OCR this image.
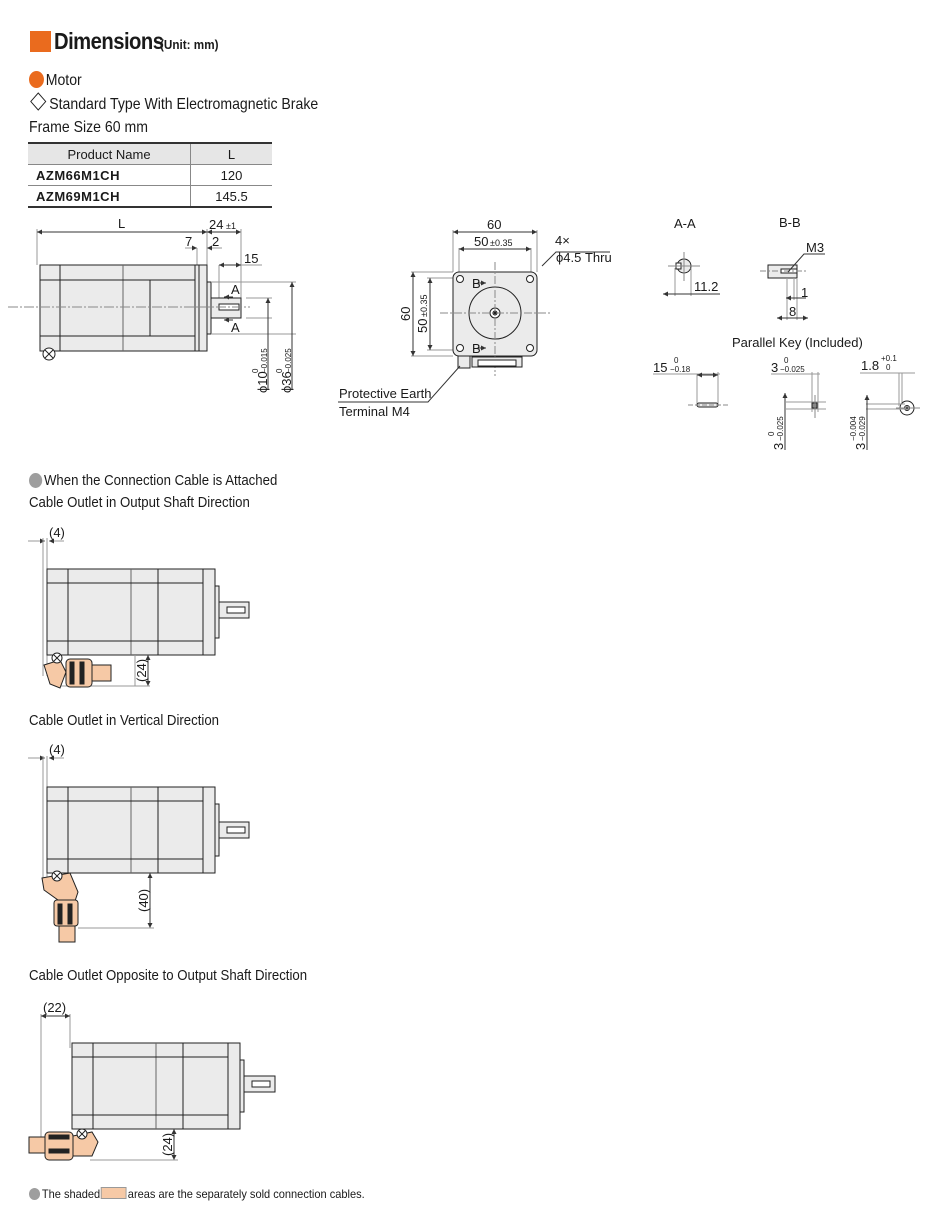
Dimensions
(Unit: mm)
Motor
Standard Type With Electromagnetic Brake
Frame Size 60 mm
Product Name	L
AZM66M1CH	120
AZM69M1CH	145.5
L	24 ±1
7 2
15
A
A
ϕ10
0 −0.015
ϕ36
0 −0.025
60
50 ±0.35
60
50
±0.35
4×
ϕ4.5 Thru
B
B
Protective Earth
Terminal M4
A-A
11.2
B-B
M3
1
8
Parallel Key (Included)
15 0
−0.18	3 0
−0.025
3
0 −0.025
1.8 +0.1
0
3
−0.004 −0.029
(4)
(24)
(4)
(40)
(22)
(24)
When the Connection Cable is Attached
Cable Outlet in Output Shaft Direction
Cable Outlet in Vertical Direction
Cable Outlet Opposite to Output Shaft Direction
The shaded areas are the separately sold connection cables.
